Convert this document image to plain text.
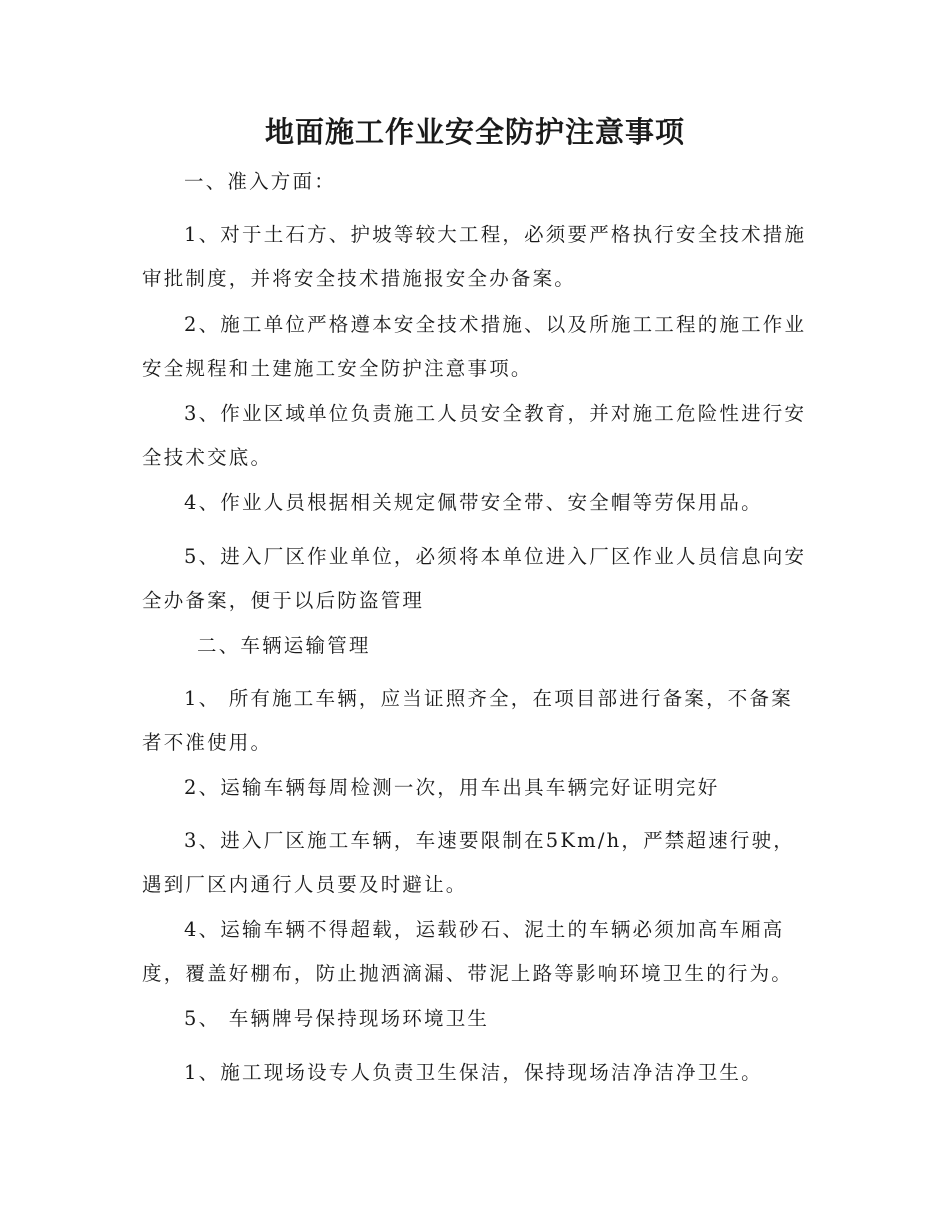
地面施工作业安全防护注意事项
一、准入方面：
1、对于土石方、护坡等较大工程，必须要严格执行安全技术措施审批制度，并将安全技术措施报安全办备案。
2、施工单位严格遵本安全技术措施、以及所施工工程的施工作业安全规程和土建施工安全防护注意事项。
3、作业区域单位负责施工人员安全教育，并对施工危险性进行安全技术交底。
4、作业人员根据相关规定佩带安全带、安全帽等劳保用品。
5、进入厂区作业单位，必须将本单位进入厂区作业人员信息向安全办备案，便于以后防盗管理
二、车辆运输管理
1、 所有施工车辆，应当证照齐全，在项目部进行备案，不备案者不准使用。
2、运输车辆每周检测一次，用车出具车辆完好证明完好
3、进入厂区施工车辆，车速要限制在5Km/h，严禁超速行驶，遇到厂区内通行人员要及时避让。
4、运输车辆不得超载，运载砂石、泥土的车辆必须加高车厢高度，覆盖好棚布，防止抛洒滴漏、带泥上路等影响环境卫生的行为。
5、 车辆牌号保持现场环境卫生
1、施工现场设专人负责卫生保洁，保持现场洁净洁净卫生。
